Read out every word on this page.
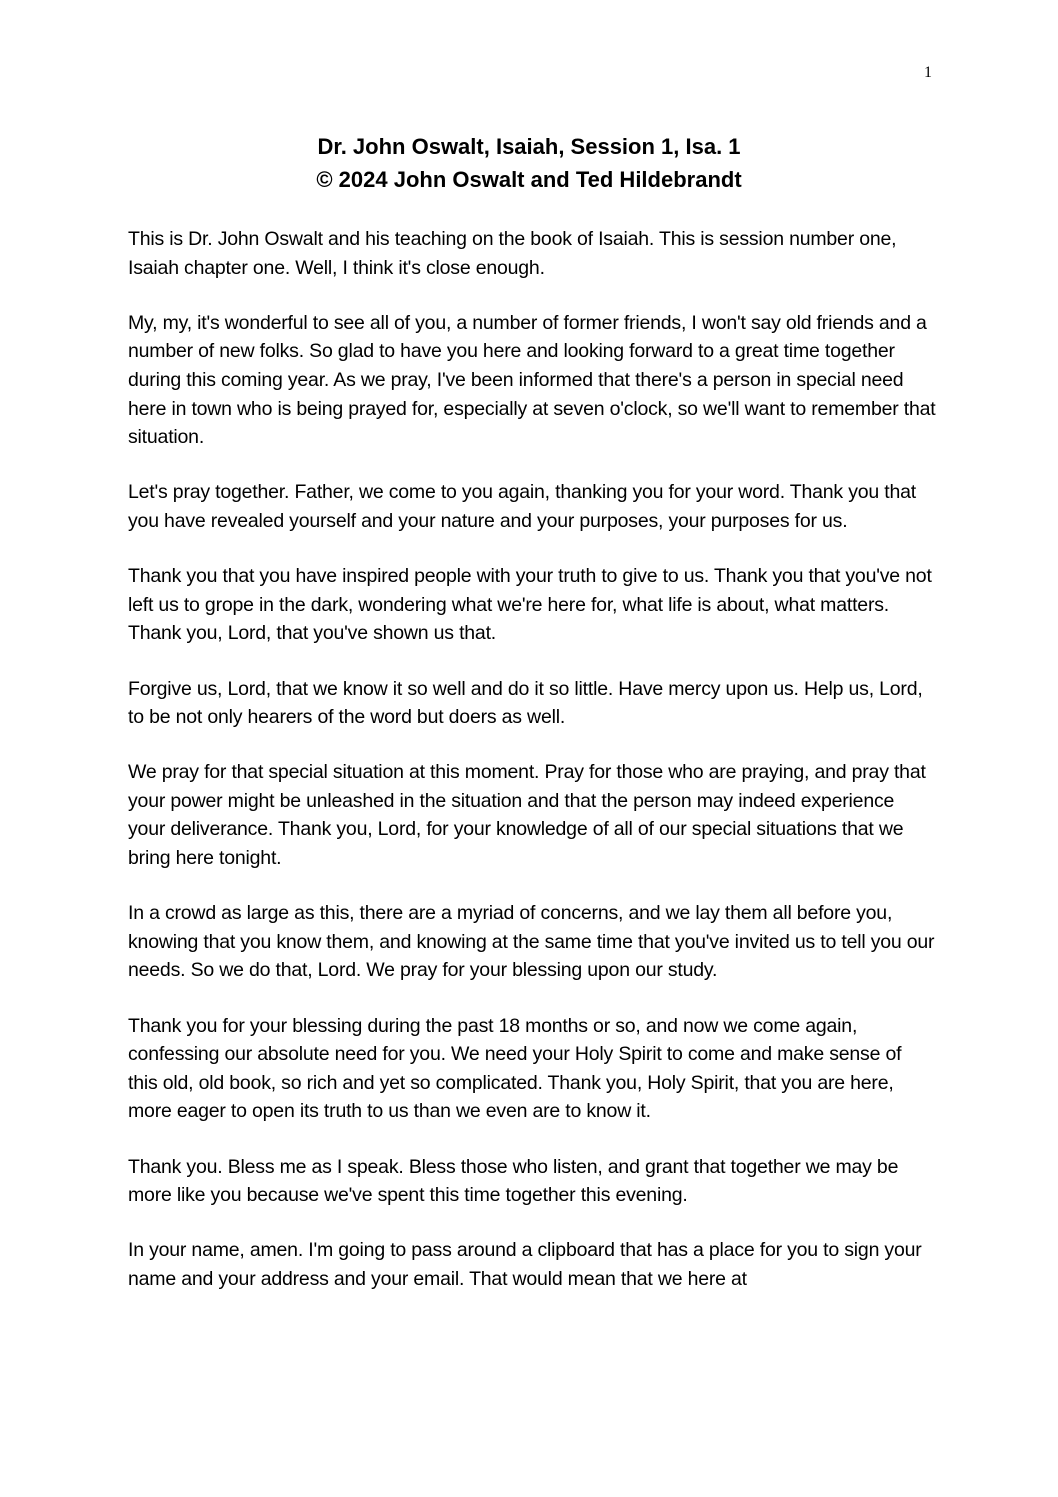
1
Dr. John Oswalt, Isaiah, Session 1, Isa. 1
© 2024 John Oswalt and Ted Hildebrandt

This is Dr. John Oswalt and his teaching on the book of Isaiah. This is session number one, Isaiah chapter one. Well, I think it's close enough.

My, my, it's wonderful to see all of you, a number of former friends, I won't say old friends and a number of new folks. So glad to have you here and looking forward to a great time together during this coming year. As we pray, I've been informed that there's a person in special need here in town who is being prayed for, especially at seven o'clock, so we'll want to remember that situation.

Let's pray together. Father, we come to you again, thanking you for your word. Thank you that you have revealed yourself and your nature and your purposes, your purposes for us.

Thank you that you have inspired people with your truth to give to us. Thank you that you've not left us to grope in the dark, wondering what we're here for, what life is about, what matters. Thank you, Lord, that you've shown us that.

Forgive us, Lord, that we know it so well and do it so little. Have mercy upon us. Help us, Lord, to be not only hearers of the word but doers as well.

We pray for that special situation at this moment. Pray for those who are praying, and pray that your power might be unleashed in the situation and that the person may indeed experience your deliverance. Thank you, Lord, for your knowledge of all of our special situations that we bring here tonight.

In a crowd as large as this, there are a myriad of concerns, and we lay them all before you, knowing that you know them, and knowing at the same time that you've invited us to tell you our needs. So we do that, Lord. We pray for your blessing upon our study.

Thank you for your blessing during the past 18 months or so, and now we come again, confessing our absolute need for you. We need your Holy Spirit to come and make sense of this old, old book, so rich and yet so complicated. Thank you, Holy Spirit, that you are here, more eager to open its truth to us than we even are to know it.

Thank you. Bless me as I speak. Bless those who listen, and grant that together we may be more like you because we've spent this time together this evening.

In your name, amen. I'm going to pass around a clipboard that has a place for you to sign your name and your address and your email. That would mean that we here at
